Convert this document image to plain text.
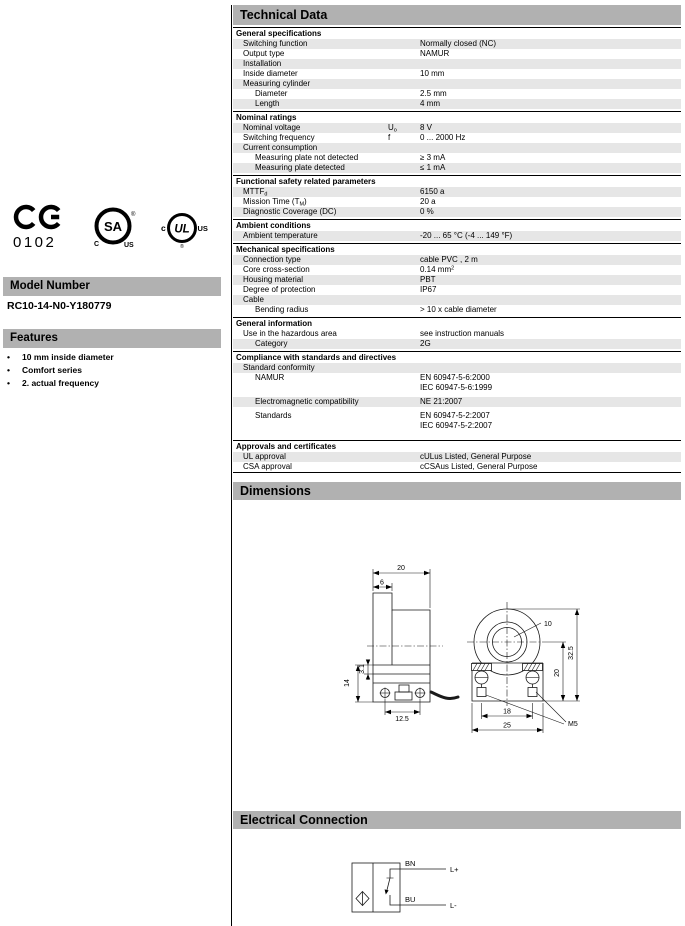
0102
SA
®
C	US
UL
c	US
®
Model Number
RC10-14-N0-Y180779
Features
•	10 mm inside diameter
•	Comfort series
•	2. actual frequency
Technical Data
General specifications
Switching function	Normally closed (NC)
Output type	NAMUR
Installation
Inside diameter	10 mm
Measuring cylinder
Diameter	2.5 mm
Length	4 mm
Nominal ratings
Nominal voltage	$U_o$	8 V
Switching frequency	f	0 ... 2000 Hz
Current consumption
Measuring plate not detected	≥ 3 mA
Measuring plate detected	≤ 1 mA
Functional safety related parameters
$MTTF_d$	6150 a
Mission Time $(T_M)$	20 a
Diagnostic Coverage (DC)	0 %
Ambient conditions
Ambient temperature	-20 ... 65 °C (-4 ... 149 °F)
Mechanical specifications
Connection type	cable PVC , 2 m
Core cross-section	0.14 $mm^2$
Housing material	PBT
Degree of protection	IP67
Cable
Bending radius	> 10 x cable diameter
General information
Use in the hazardous area	see instruction manuals
Category	2G
Compliance with standards and directives
Standard conformity
NAMUR	EN 60947-5-6:2000
IEC 60947-5-6:1999
Electromagnetic compatibility	NE 21:2007
Standards	EN 60947-5-2:2007
IEC 60947-5-2:2007
Approvals and certificates
UL approval	cULus Listed, General Purpose
CSA approval	cCSAus Listed, General Purpose
Dimensions
20
6
14
3.1
12.5
10
32.5
20
18
25	M5
Electrical Connection
BN
L+
BU
L-
